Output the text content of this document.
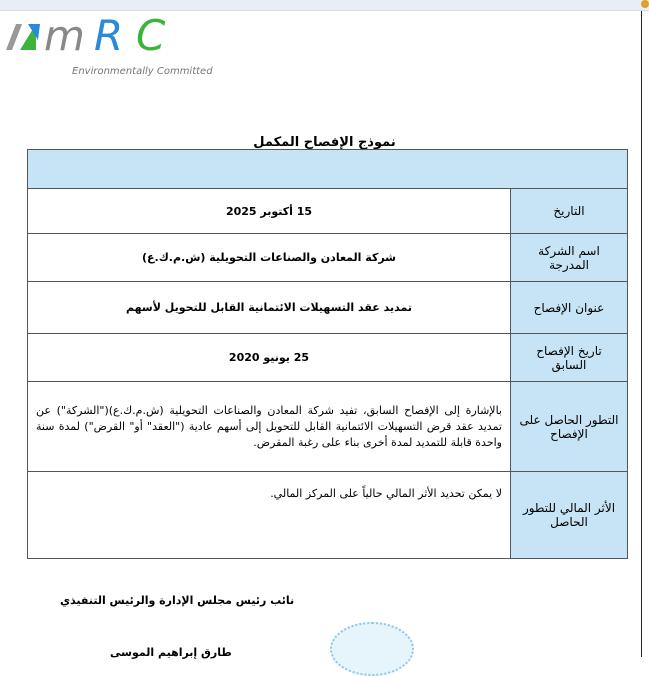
m R C
Environmentally Committed
نموذج الإفصاح المكمل

التاريخ	15 أكتوبر 2025
اسم الشركة المدرجة	شركة المعادن والصناعات التحويلية (ش.م.ك.ع)
عنوان الإفصاح	تمديد عقد التسهيلات الائتمانية القابل للتحويل لأسهم
تاريخ الإفصاح السابق	25 يونيو 2020
التطور الحاصل على الإفصاح	بالإشارة إلى الإفصاح السابق، تفيد شركة المعادن والصناعات التحويلية (ش.م.ك.ع)("الشركة") عن تمديد عقد قرض التسهيلات الائتمانية القابل للتحويل إلى أسهم عادية ("العقد" أو" القرض") لمدة سنة واحدة قابلة للتمديد لمدة أخرى بناء على رغبة المقرض.
الأثر المالي للتطور الحاصل	لا يمكن تحديد الأثر المالي حالياً على المركز المالي.
نائب رئيس مجلس الإدارة والرئيس التنفيذي
طارق إبراهيم الموسى
